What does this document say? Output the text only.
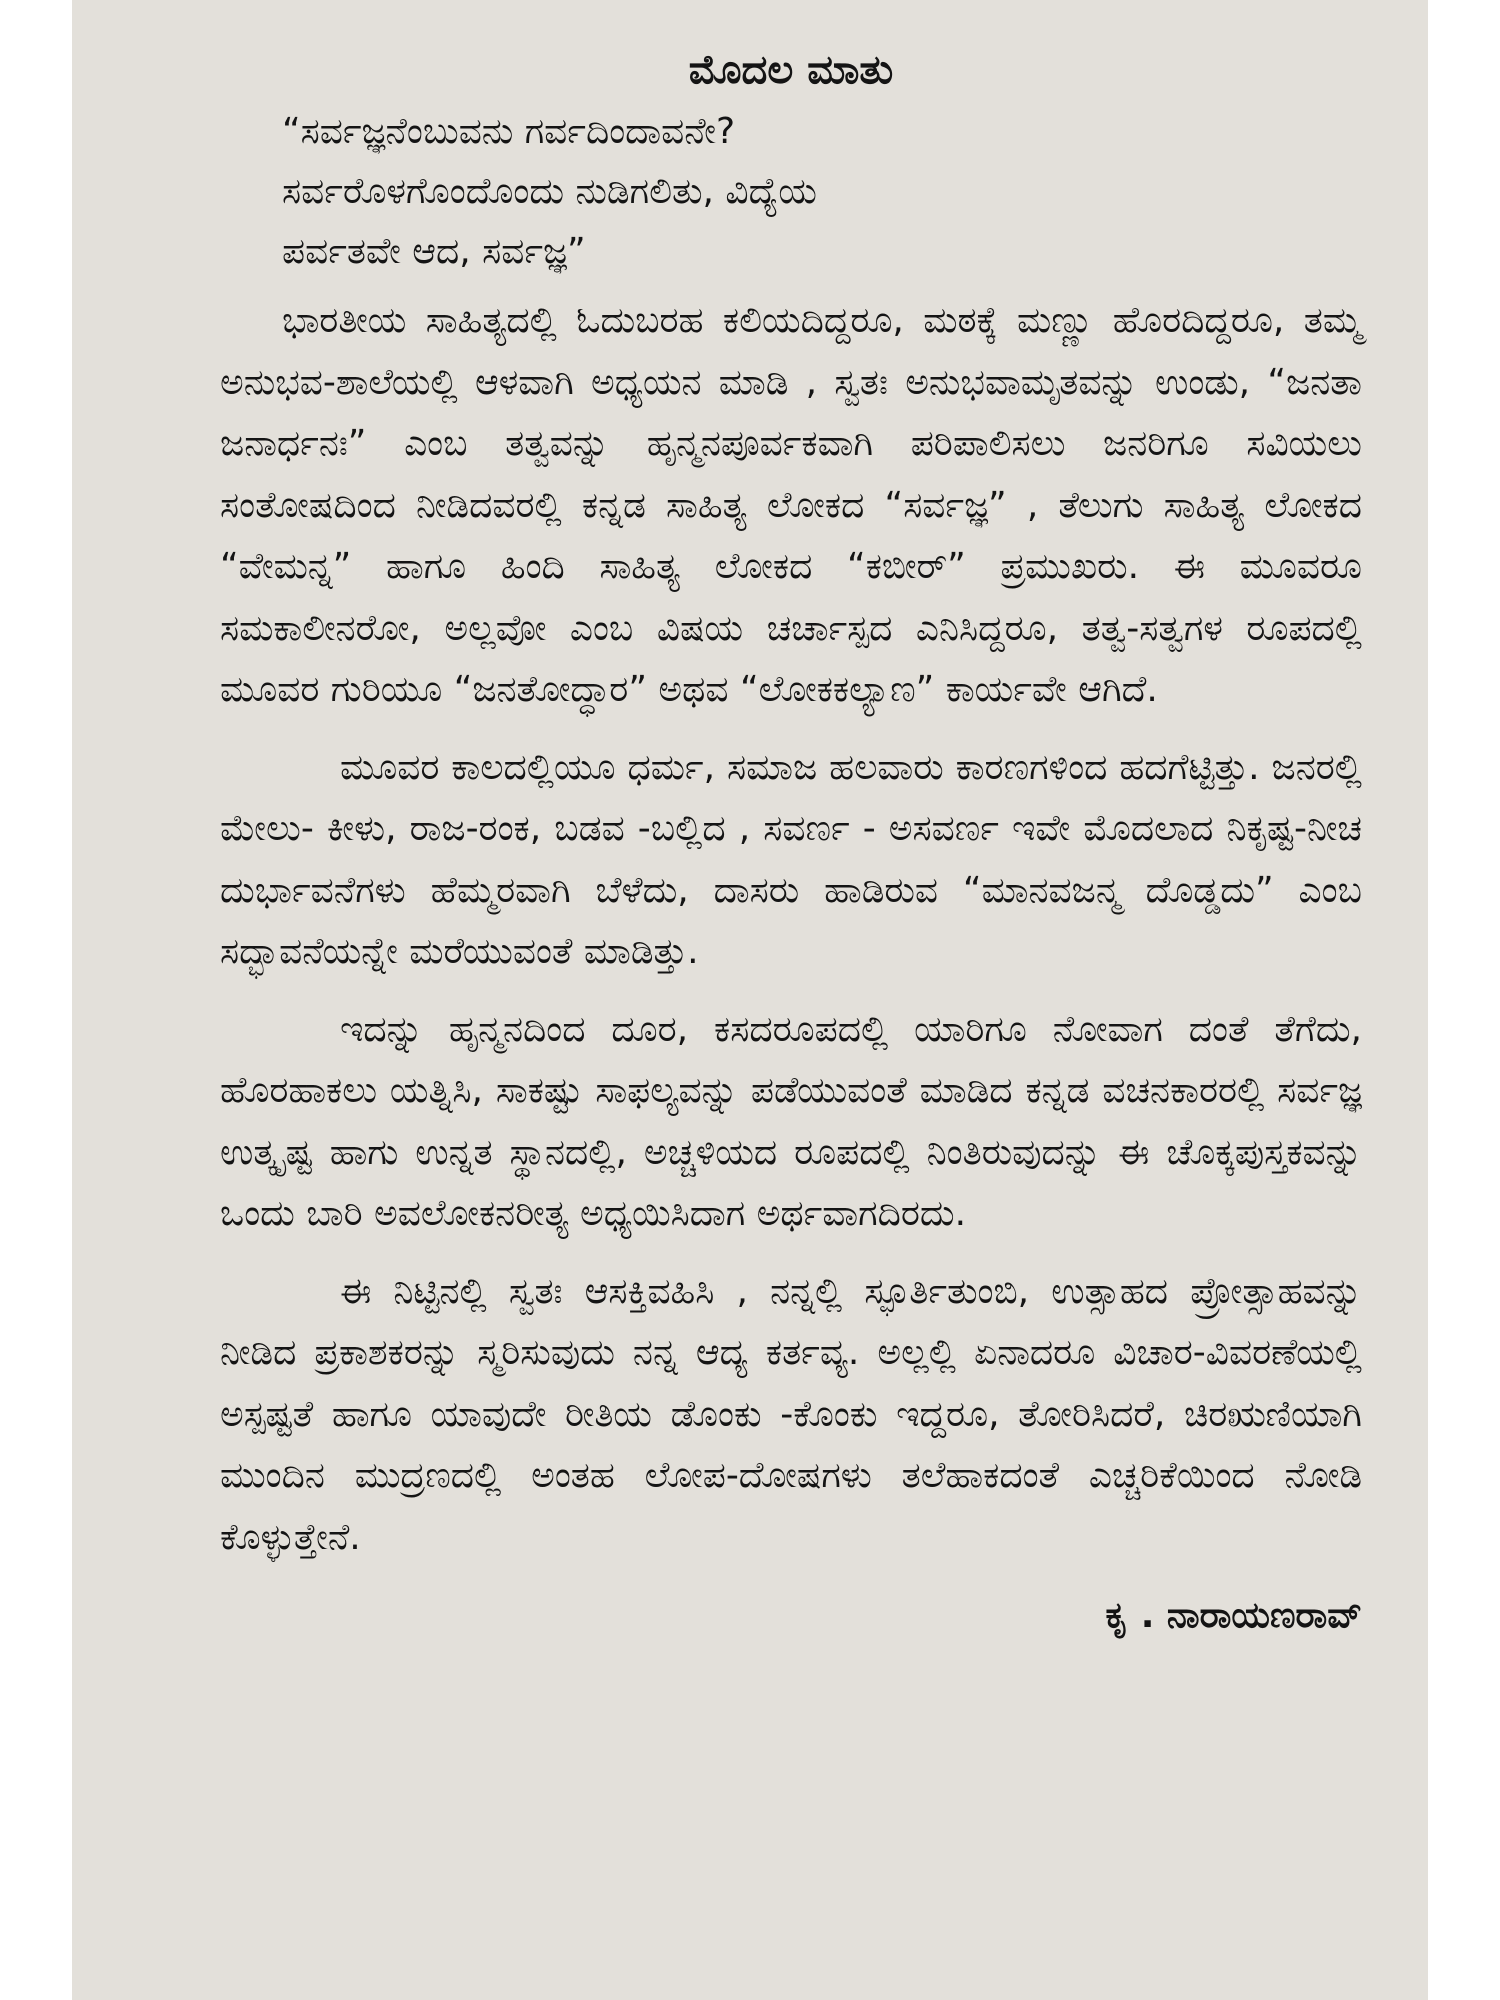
ಮೊದಲ ಮಾತು
“ಸರ್ವಜ್ಞನೆಂಬುವನು ಗರ್ವದಿಂದಾವನೇ?
ಸರ್ವರೊಳಗೊಂದೊಂದು ನುಡಿಗಲಿತು, ವಿದ್ಯೆಯ
ಪರ್ವತವೇ ಆದ, ಸರ್ವಜ್ಞ”

ಭಾರತೀಯ ಸಾಹಿತ್ಯದಲ್ಲಿ ಓದುಬರಹ ಕಲಿಯದಿದ್ದರೂ, ಮಠಕ್ಕೆ ಮಣ್ಣು ಹೊರದಿದ್ದರೂ, ತಮ್ಮ ಅನುಭವ-ಶಾಲೆಯಲ್ಲಿ ಆಳವಾಗಿ ಅಧ್ಯಯನ ಮಾಡಿ , ಸ್ವತಃ ಅನುಭವಾಮೃತವನ್ನು ಉಂಡು, “ಜನತಾ ಜನಾರ್ಧನಃ” ಎಂಬ ತತ್ವವನ್ನು ಹೃನ್ಮನಪೂರ್ವಕವಾಗಿ ಪರಿಪಾಲಿಸಲು ಜನರಿಗೂ ಸವಿಯಲು ಸಂತೋಷದಿಂದ ನೀಡಿದವರಲ್ಲಿ ಕನ್ನಡ ಸಾಹಿತ್ಯ ಲೋಕದ “ಸರ್ವಜ್ಞ” , ತೆಲುಗು ಸಾಹಿತ್ಯ ಲೋಕದ “ವೇಮನ್ನ” ಹಾಗೂ ಹಿಂದಿ ಸಾಹಿತ್ಯ ಲೋಕದ “ಕಬೀರ್” ಪ್ರಮುಖರು. ಈ ಮೂವರೂ ಸಮಕಾಲೀನರೋ, ಅಲ್ಲವೋ ಎಂಬ ವಿಷಯ ಚರ್ಚಾಸ್ಪದ ಎನಿಸಿದ್ದರೂ, ತತ್ವ-ಸತ್ವಗಳ ರೂಪದಲ್ಲಿ ಮೂವರ ಗುರಿಯೂ “ಜನತೋದ್ಧಾರ” ಅಥವ “ಲೋಕಕಲ್ಯಾಣ” ಕಾರ್ಯವೇ ಆಗಿದೆ.

ಮೂವರ ಕಾಲದಲ್ಲಿಯೂ ಧರ್ಮ, ಸಮಾಜ ಹಲವಾರು ಕಾರಣಗಳಿಂದ ಹದಗೆಟ್ಟಿತ್ತು. ಜನರಲ್ಲಿ ಮೇಲು- ಕೀಳು, ರಾಜ-ರಂಕ, ಬಡವ -ಬಲ್ಲಿದ , ಸವರ್ಣ - ಅಸವರ್ಣ ಇವೇ ಮೊದಲಾದ ನಿಕೃಷ್ಟ-ನೀಚ ದುರ್ಭಾವನೆಗಳು ಹೆಮ್ಮರವಾಗಿ ಬೆಳೆದು, ದಾಸರು ಹಾಡಿರುವ “ಮಾನವಜನ್ಮ ದೊಡ್ಡದು” ಎಂಬ ಸದ್ಭಾವನೆಯನ್ನೇ ಮರೆಯುವಂತೆ ಮಾಡಿತ್ತು.

ಇದನ್ನು ಹೃನ್ಮನದಿಂದ ದೂರ, ಕಸದರೂಪದಲ್ಲಿ ಯಾರಿಗೂ ನೋವಾಗ ದಂತೆ ತೆಗೆದು, ಹೊರಹಾಕಲು ಯತ್ನಿಸಿ, ಸಾಕಷ್ಟು ಸಾಫಲ್ಯವನ್ನು ಪಡೆಯುವಂತೆ ಮಾಡಿದ ಕನ್ನಡ ವಚನಕಾರರಲ್ಲಿ ಸರ್ವಜ್ಞ ಉತ್ಕೃಷ್ಟ ಹಾಗು ಉನ್ನತ ಸ್ಥಾನದಲ್ಲಿ, ಅಚ್ಚಳಿಯದ ರೂಪದಲ್ಲಿ ನಿಂತಿರುವುದನ್ನು ಈ ಚೊಕ್ಕಪುಸ್ತಕವನ್ನು ಒಂದು ಬಾರಿ ಅವಲೋಕನರೀತ್ಯ ಅಧ್ಯಯಿಸಿದಾಗ ಅರ್ಥವಾಗದಿರದು.

ಈ ನಿಟ್ಟಿನಲ್ಲಿ ಸ್ವತಃ ಆಸಕ್ತಿವಹಿಸಿ , ನನ್ನಲ್ಲಿ ಸ್ಫೂರ್ತಿತುಂಬಿ, ಉತ್ಸಾಹದ ಪ್ರೋತ್ಸಾಹವನ್ನು ನೀಡಿದ ಪ್ರಕಾಶಕರನ್ನು ಸ್ಮರಿಸುವುದು ನನ್ನ ಆದ್ಯ ಕರ್ತವ್ಯ. ಅಲ್ಲಲ್ಲಿ ಏನಾದರೂ ವಿಚಾರ-ವಿವರಣೆಯಲ್ಲಿ ಅಸ್ಪಷ್ಟತೆ ಹಾಗೂ ಯಾವುದೇ ರೀತಿಯ ಡೊಂಕು -ಕೊಂಕು ಇದ್ದರೂ, ತೋರಿಸಿದರೆ, ಚಿರಋಣಿಯಾಗಿ ಮುಂದಿನ ಮುದ್ರಣದಲ್ಲಿ ಅಂತಹ ಲೋಪ-ದೋಷಗಳು ತಲೆಹಾಕದಂತೆ ಎಚ್ಚರಿಕೆಯಿಂದ ನೋಡಿ ಕೊಳ್ಳುತ್ತೇನೆ.

ಕೃ . ನಾರಾಯಣರಾವ್
